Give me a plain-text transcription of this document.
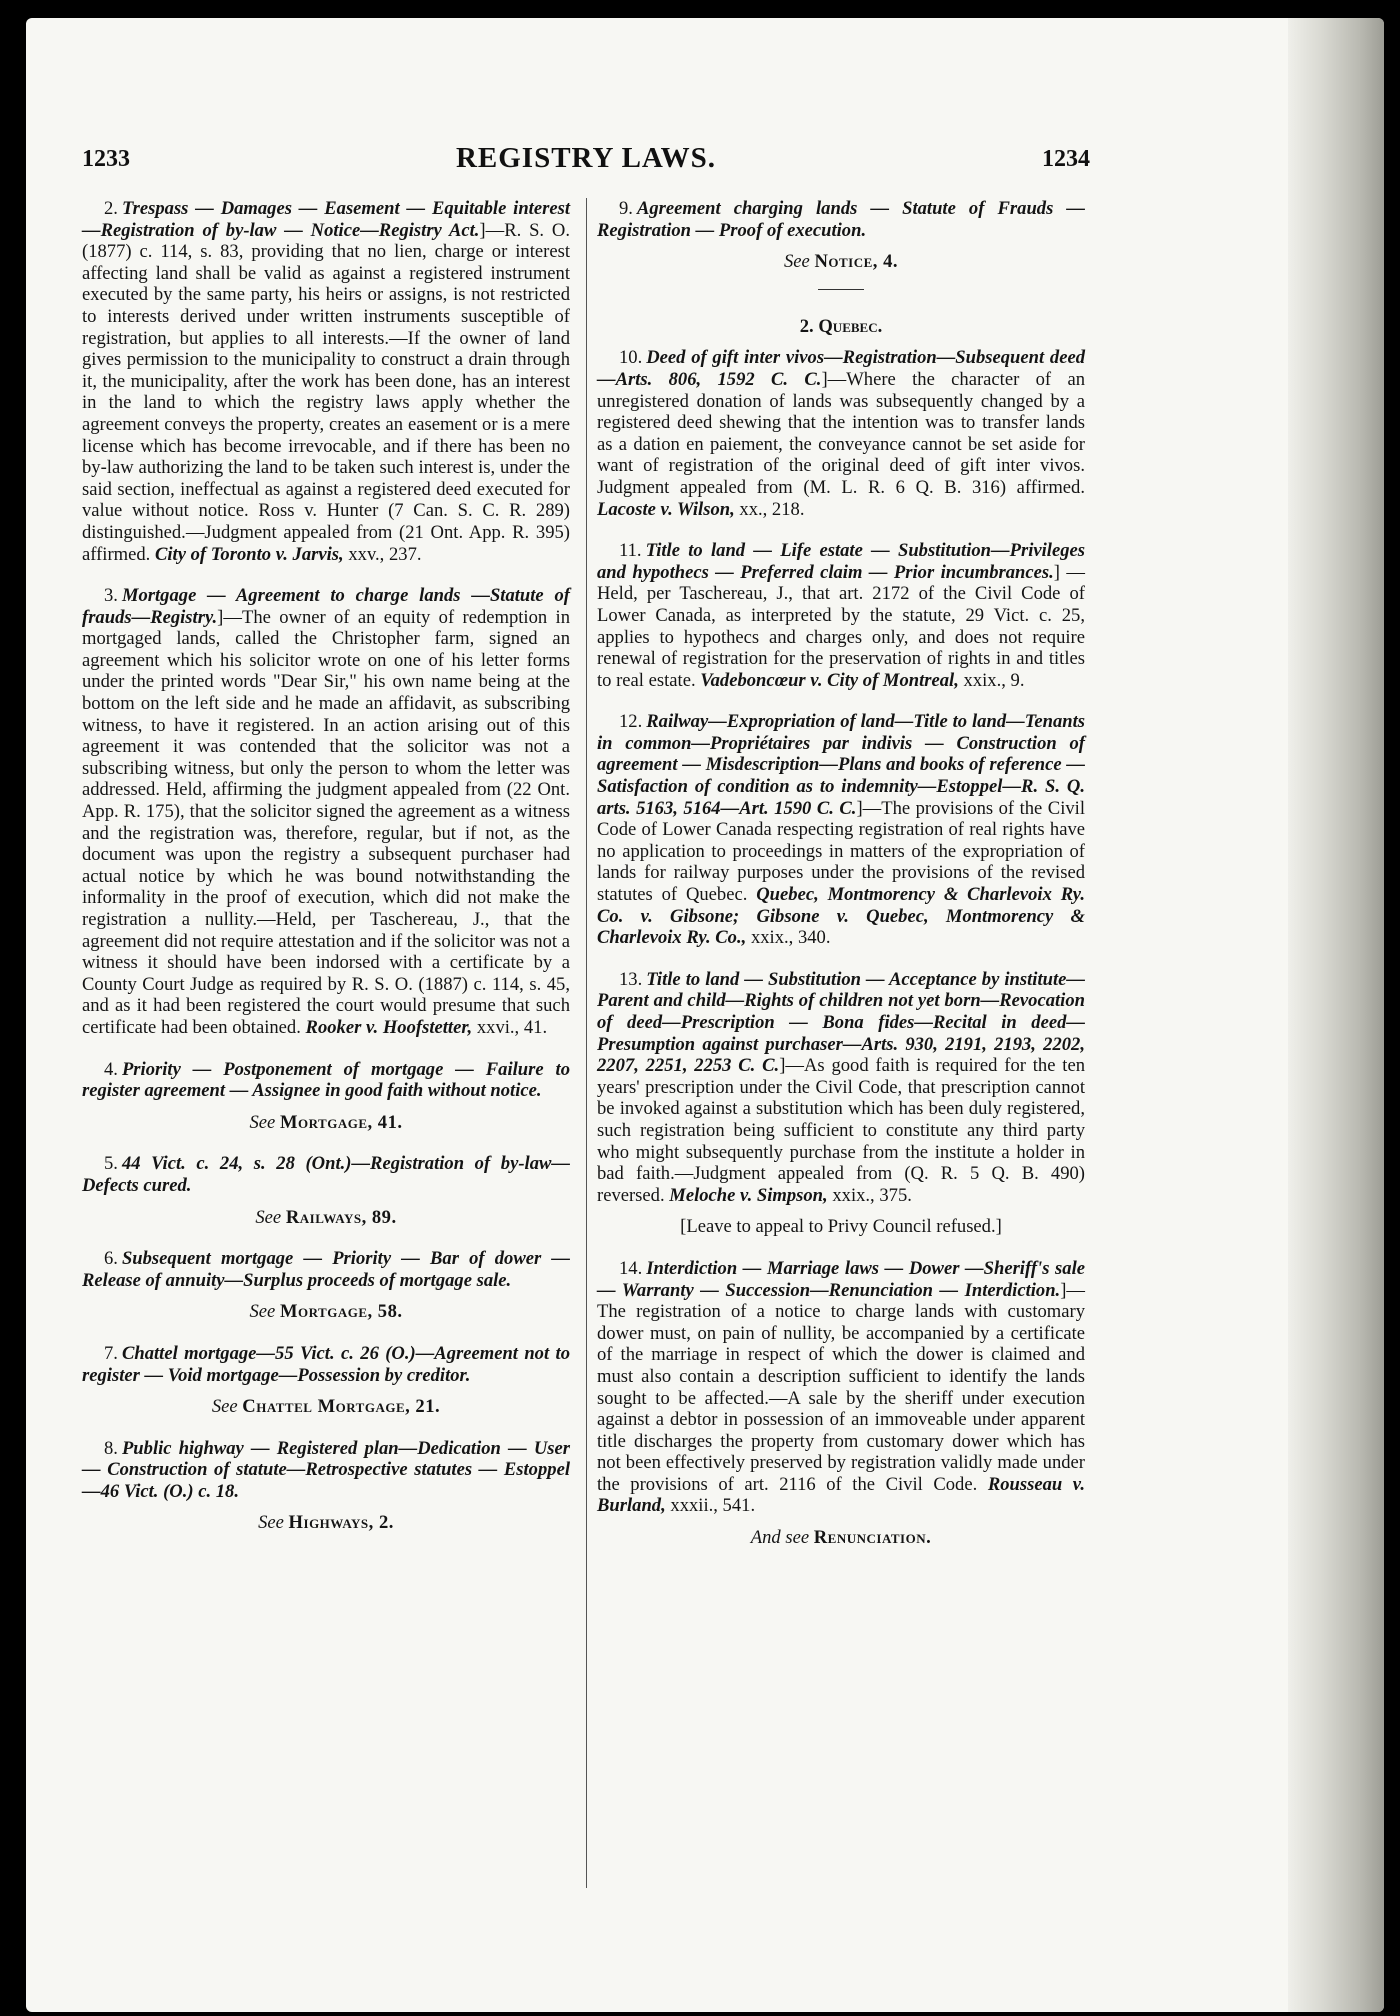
1233	REGISTRY LAWS.	1234

2. Trespass — Damages — Easement — Equitable interest—Registration of by-law — Notice—Registry Act.]—R. S. O. (1877) c. 114, s. 83, providing that no lien, charge or interest affecting land shall be valid as against a registered instrument executed by the same party, his heirs or assigns, is not restricted to interests derived under written instruments susceptible of registration, but applies to all interests.—If the owner of land gives permission to the municipality to construct a drain through it, the municipality, after the work has been done, has an interest in the land to which the registry laws apply whether the agreement conveys the property, creates an easement or is a mere license which has become irrevocable, and if there has been no by-law authorizing the land to be taken such interest is, under the said section, ineffectual as against a registered deed executed for value without notice. Ross v. Hunter (7 Can. S. C. R. 289) distinguished.—Judgment appealed from (21 Ont. App. R. 395) affirmed. City of Toronto v. Jarvis, xxv., 237.

3. Mortgage — Agreement to charge lands —Statute of frauds—Registry.]—The owner of an equity of redemption in mortgaged lands, called the Christopher farm, signed an agreement which his solicitor wrote on one of his letter forms under the printed words "Dear Sir," his own name being at the bottom on the left side and he made an affidavit, as subscribing witness, to have it registered. In an action arising out of this agreement it was contended that the solicitor was not a subscribing witness, but only the person to whom the letter was addressed. Held, affirming the judgment appealed from (22 Ont. App. R. 175), that the solicitor signed the agreement as a witness and the registration was, therefore, regular, but if not, as the document was upon the registry a subsequent purchaser had actual notice by which he was bound notwithstanding the informality in the proof of execution, which did not make the registration a nullity.—Held, per Taschereau, J., that the agreement did not require attestation and if the solicitor was not a witness it should have been indorsed with a certificate by a County Court Judge as required by R. S. O. (1887) c. 114, s. 45, and as it had been registered the court would presume that such certificate had been obtained. Rooker v. Hoofstetter, xxvi., 41.

4. Priority — Postponement of mortgage — Failure to register agreement — Assignee in good faith without notice.

See Mortgage, 41.

5. 44 Vict. c. 24, s. 28 (Ont.)—Registration of by-law—Defects cured.

See Railways, 89.

6. Subsequent mortgage — Priority — Bar of dower — Release of annuity—Surplus proceeds of mortgage sale.

See Mortgage, 58.

7. Chattel mortgage—55 Vict. c. 26 (O.)—Agreement not to register — Void mortgage—Possession by creditor.

See Chattel Mortgage, 21.

8. Public highway — Registered plan—Dedication — User — Construction of statute—Retrospective statutes — Estoppel—46 Vict. (O.) c. 18.

See Highways, 2.

9. Agreement charging lands — Statute of Frauds — Registration — Proof of execution.

See Notice, 4.
2. Quebec.

10. Deed of gift inter vivos—Registration—Subsequent deed—Arts. 806, 1592 C. C.]—Where the character of an unregistered donation of lands was subsequently changed by a registered deed shewing that the intention was to transfer lands as a dation en paiement, the conveyance cannot be set aside for want of registration of the original deed of gift inter vivos. Judgment appealed from (M. L. R. 6 Q. B. 316) affirmed. Lacoste v. Wilson, xx., 218.

11. Title to land — Life estate — Substitution—Privileges and hypothecs — Preferred claim — Prior incumbrances.] — Held, per Taschereau, J., that art. 2172 of the Civil Code of Lower Canada, as interpreted by the statute, 29 Vict. c. 25, applies to hypothecs and charges only, and does not require renewal of registration for the preservation of rights in and titles to real estate. Vadeboncœur v. City of Montreal, xxix., 9.

12. Railway—Expropriation of land—Title to land—Tenants in common—Propriétaires par indivis — Construction of agreement — Misdescription—Plans and books of reference —Satisfaction of condition as to indemnity—Estoppel—R. S. Q. arts. 5163, 5164—Art. 1590 C. C.]—The provisions of the Civil Code of Lower Canada respecting registration of real rights have no application to proceedings in matters of the expropriation of lands for railway purposes under the provisions of the revised statutes of Quebec. Quebec, Montmorency & Charlevoix Ry. Co. v. Gibsone; Gibsone v. Quebec, Montmorency & Charlevoix Ry. Co., xxix., 340.

13. Title to land — Substitution — Acceptance by institute—Parent and child—Rights of children not yet born—Revocation of deed—Prescription — Bona fides—Recital in deed—Presumption against purchaser—Arts. 930, 2191, 2193, 2202, 2207, 2251, 2253 C. C.]—As good faith is required for the ten years' prescription under the Civil Code, that prescription cannot be invoked against a substitution which has been duly registered, such registration being sufficient to constitute any third party who might subsequently purchase from the institute a holder in bad faith.—Judgment appealed from (Q. R. 5 Q. B. 490) reversed. Meloche v. Simpson, xxix., 375.

[Leave to appeal to Privy Council refused.]

14. Interdiction — Marriage laws — Dower —Sheriff's sale — Warranty — Succession—Renunciation — Interdiction.]—The registration of a notice to charge lands with customary dower must, on pain of nullity, be accompanied by a certificate of the marriage in respect of which the dower is claimed and must also contain a description sufficient to identify the lands sought to be affected.—A sale by the sheriff under execution against a debtor in possession of an immoveable under apparent title discharges the property from customary dower which has not been effectively preserved by registration validly made under the provisions of art. 2116 of the Civil Code. Rousseau v. Burland, xxxii., 541.

And see Renunciation.
